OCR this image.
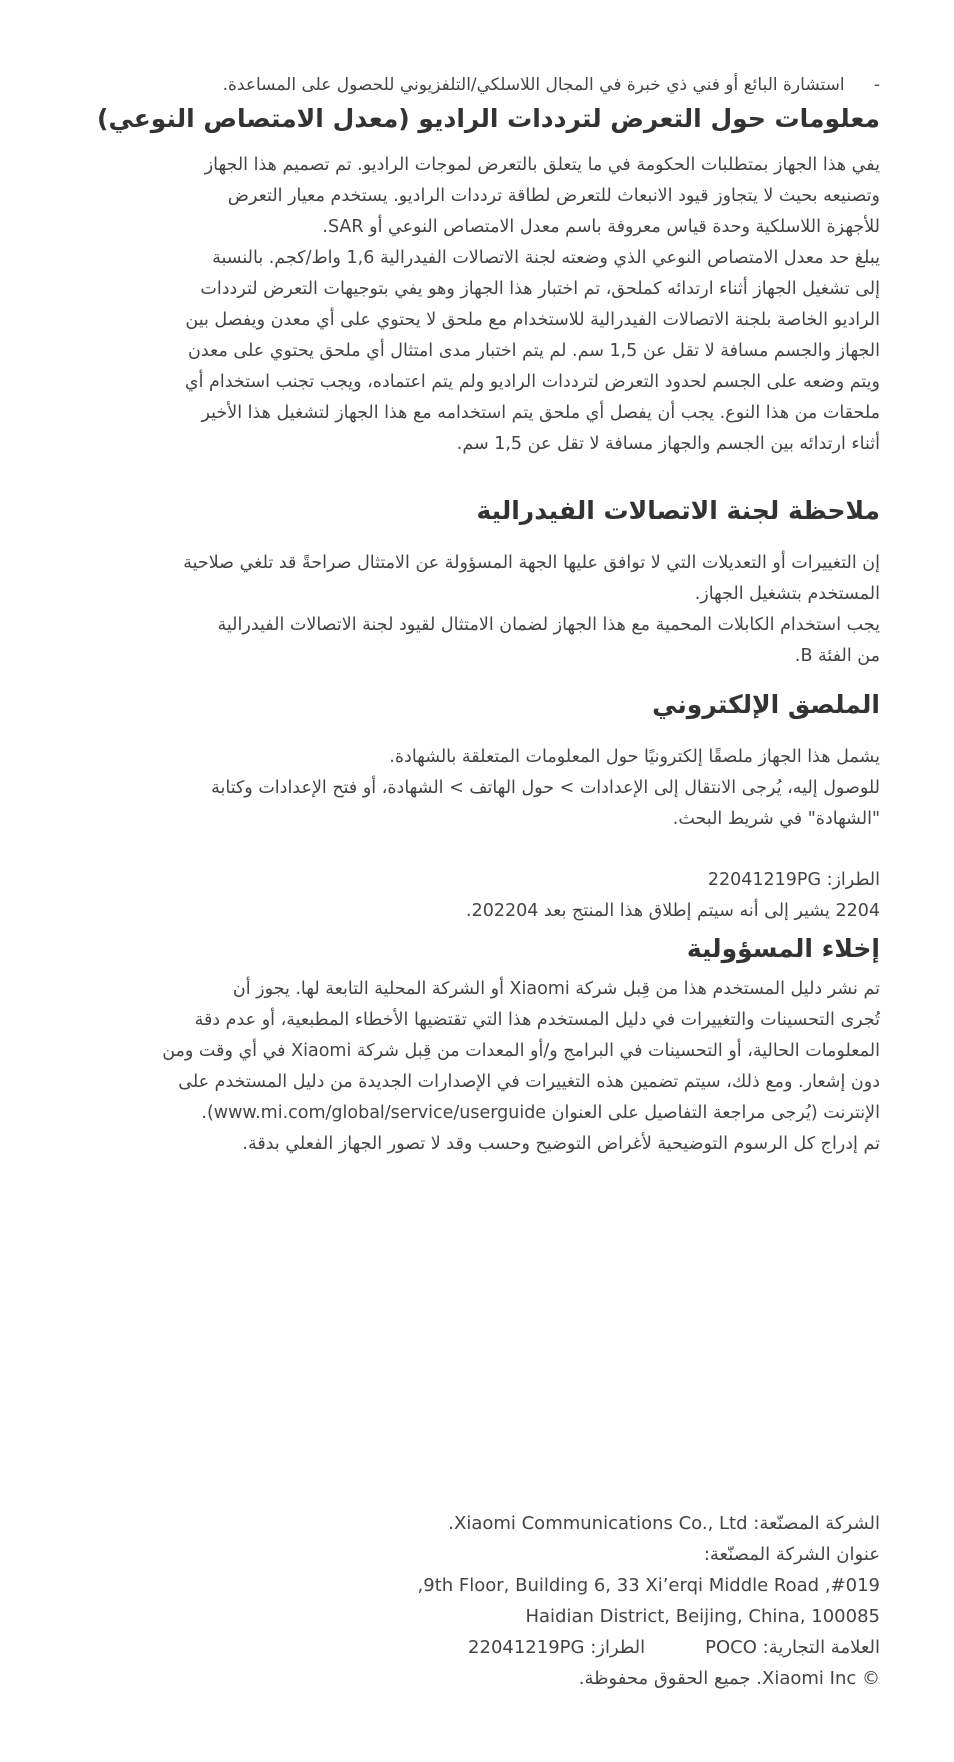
- استشارة البائع أو فني ذي خبرة في المجال اللاسلكي/التلفزيوني للحصول على المساعدة.
معلومات حول التعرض لترددات الراديو (معدل الامتصاص النوعي)

يفي هذا الجهاز بمتطلبات الحكومة في ما يتعلق بالتعرض لموجات الراديو. تم تصميم هذا الجهاز

وتصنيعه بحيث لا يتجاوز قيود الانبعاث للتعرض لطاقة ترددات الراديو. يستخدم معيار التعرض

للأجهزة اللاسلكية وحدة قياس معروفة باسم معدل الامتصاص النوعي أو SAR.

يبلغ حد معدل الامتصاص النوعي الذي وضعته لجنة الاتصالات الفيدرالية 1,6 واط/كجم. بالنسبة

إلى تشغيل الجهاز أثناء ارتدائه كملحق، تم اختبار هذا الجهاز وهو يفي بتوجيهات التعرض لترددات

الراديو الخاصة بلجنة الاتصالات الفيدرالية للاستخدام مع ملحق لا يحتوي على أي معدن ويفصل بين

الجهاز والجسم مسافة لا تقل عن 1,5 سم. لم يتم اختبار مدى امتثال أي ملحق يحتوي على معدن

ويتم وضعه على الجسم لحدود التعرض لترددات الراديو ولم يتم اعتماده، ويجب تجنب استخدام أي

ملحقات من هذا النوع. يجب أن يفصل أي ملحق يتم استخدامه مع هذا الجهاز لتشغيل هذا الأخير

أثناء ارتدائه بين الجسم والجهاز مسافة لا تقل عن 1,5 سم.

ملاحظة لجنة الاتصالات الفيدرالية

إن التغييرات أو التعديلات التي لا توافق عليها الجهة المسؤولة عن الامتثال صراحةً قد تلغي صلاحية

المستخدم بتشغيل الجهاز.

يجب استخدام الكابلات المحمية مع هذا الجهاز لضمان الامتثال لقيود لجنة الاتصالات الفيدرالية

من الفئة B.

الملصق الإلكتروني

يشمل هذا الجهاز ملصقًا إلكترونيًا حول المعلومات المتعلقة بالشهادة.

للوصول إليه، يُرجى الانتقال إلى الإعدادات > حول الهاتف > الشهادة، أو فتح الإعدادات وكتابة

"الشهادة" في شريط البحث.

الطراز: 22041219PG

2204 يشير إلى أنه سيتم إطلاق هذا المنتج بعد 202204.

إخلاء المسؤولية

تم نشر دليل المستخدم هذا من قِبل شركة Xiaomi أو الشركة المحلية التابعة لها. يجوز أن

تُجرى التحسينات والتغييرات في دليل المستخدم هذا التي تقتضيها الأخطاء المطبعية، أو عدم دقة

المعلومات الحالية، أو التحسينات في البرامج و/أو المعدات من قِبل شركة Xiaomi في أي وقت ومن

دون إشعار. ومع ذلك، سيتم تضمين هذه التغييرات في الإصدارات الجديدة من دليل المستخدم على

الإنترنت (يُرجى مراجعة التفاصيل على العنوان www.mi.com/global/service/userguide).

تم إدراج كل الرسوم التوضيحية لأغراض التوضيح وحسب وقد لا تصور الجهاز الفعلي بدقة.

الشركة المصنّعة: Xiaomi Communications Co., Ltd.

عنوان الشركة المصنّعة:

#019, 9th Floor, Building 6, 33 Xi’erqi Middle Road,

Haidian District, Beijing, China, 100085

العلامة التجارية: POCOالطراز: 22041219PG

© Xiaomi Inc. جميع الحقوق محفوظة.
